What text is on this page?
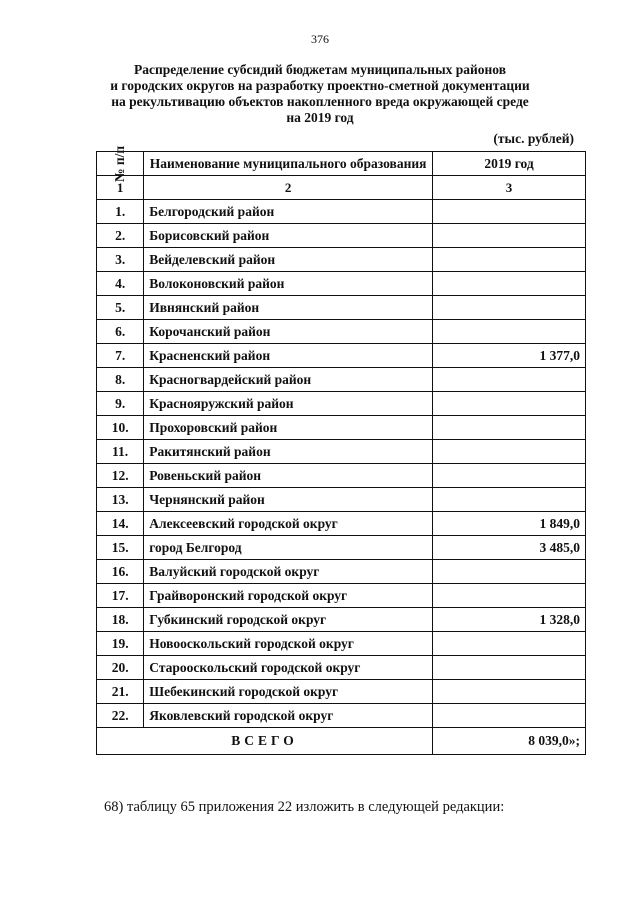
376
Распределение субсидий бюджетам муниципальных районов
и городских округов на разработку проектно-сметной документации
на рекультивацию объектов накопленного вреда окружающей среде
на 2019 год
(тыс. рублей)
№ п/п	Наименование муниципального образования	2019 год
1	2	3
1.	Белгородский район	
2.	Борисовский район	
3.	Вейделевский район	
4.	Волоконовский район	
5.	Ивнянский район	
6.	Корочанский район	
7.	Красненский район	1 377,0
8.	Красногвардейский район	
9.	Краснояружский район	
10.	Прохоровский район	
11.	Ракитянский район	
12.	Ровеньский район	
13.	Чернянский район	
14.	Алексеевский городской округ	1 849,0
15.	город Белгород	3 485,0
16.	Валуйский городской округ	
17.	Грайворонский городской округ	
18.	Губкинский городской округ	1 328,0
19.	Новооскольский городской округ	
20.	Старооскольский городской округ	
21.	Шебекинский городской округ	
22.	Яковлевский городской округ	
ВСЕГО		8 039,0»;
68) таблицу 65 приложения 22 изложить в следующей редакции:
